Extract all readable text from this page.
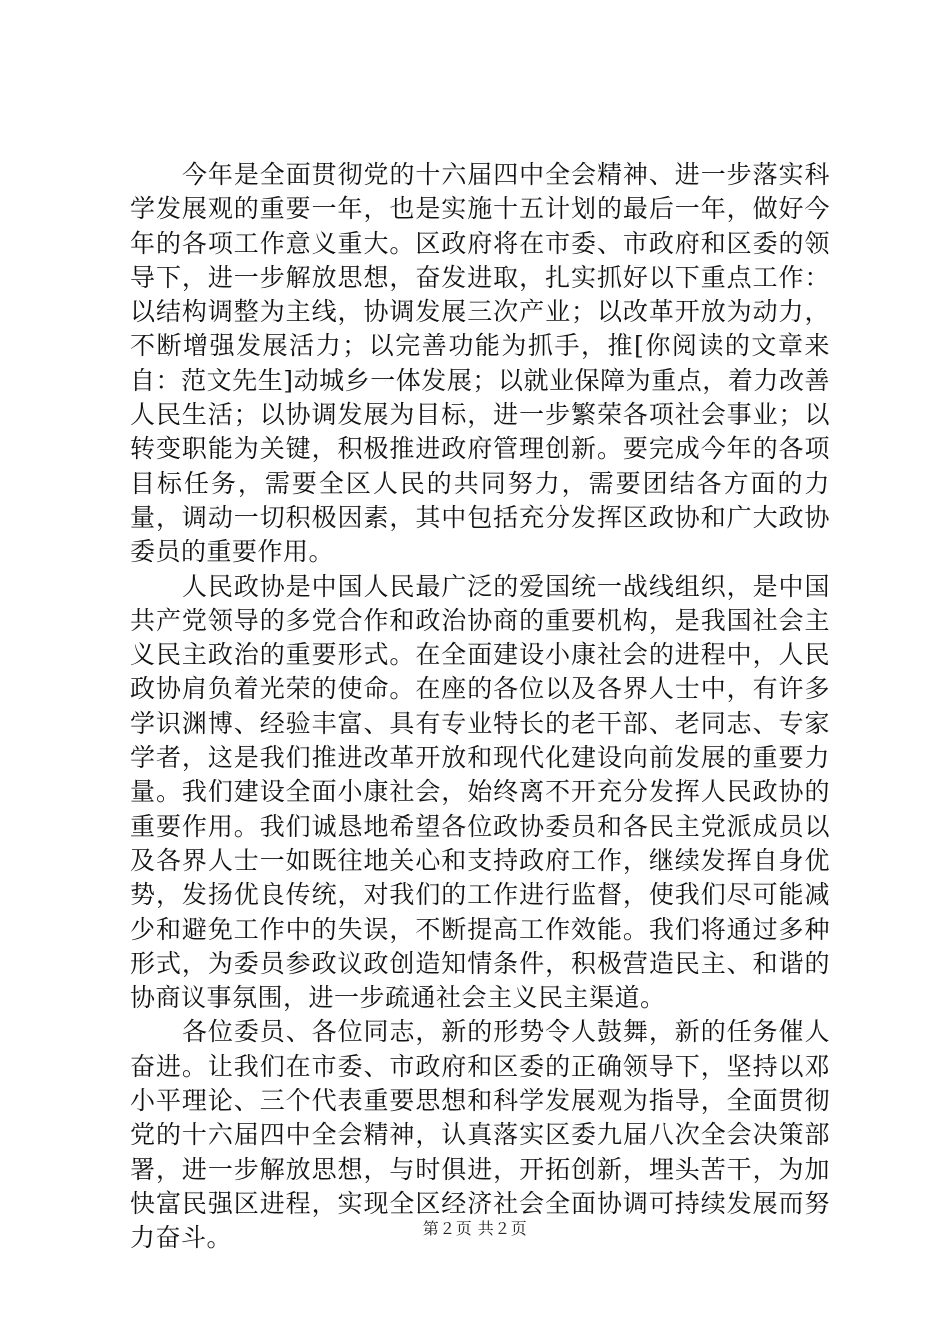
今年是全面贯彻党的十六届四中全会精神、进一步落实科学发展观的重要一年，也是实施十五计划的最后一年，做好今年的各项工作意义重大。区政府将在市委、市政府和区委的领导下，进一步解放思想，奋发进取，扎实抓好以下重点工作：以结构调整为主线，协调发展三次产业；以改革开放为动力，不断增强发展活力；以完善功能为抓手，推[你阅读的文章来自：范文先生]动城乡一体发展；以就业保障为重点，着力改善人民生活；以协调发展为目标，进一步繁荣各项社会事业；以转变职能为关键，积极推进政府管理创新。要完成今年的各项目标任务，需要全区人民的共同努力，需要团结各方面的力量，调动一切积极因素，其中包括充分发挥区政协和广大政协委员的重要作用。

人民政协是中国人民最广泛的爱国统一战线组织，是中国共产党领导的多党合作和政治协商的重要机构，是我国社会主义民主政治的重要形式。在全面建设小康社会的进程中，人民政协肩负着光荣的使命。在座的各位以及各界人士中，有许多学识渊博、经验丰富、具有专业特长的老干部、老同志、专家学者，这是我们推进改革开放和现代化建设向前发展的重要力量。我们建设全面小康社会，始终离不开充分发挥人民政协的重要作用。我们诚恳地希望各位政协委员和各民主党派成员以及各界人士一如既往地关心和支持政府工作，继续发挥自身优势，发扬优良传统，对我们的工作进行监督，使我们尽可能减少和避免工作中的失误，不断提高工作效能。我们将通过多种形式，为委员参政议政创造知情条件，积极营造民主、和谐的协商议事氛围，进一步疏通社会主义民主渠道。

各位委员、各位同志，新的形势令人鼓舞，新的任务催人奋进。让我们在市委、市政府和区委的正确领导下，坚持以邓小平理论、三个代表重要思想和科学发展观为指导，全面贯彻党的十六届四中全会精神，认真落实区委九届八次全会决策部署，进一步解放思想，与时俱进，开拓创新，埋头苦干，为加快富民强区进程，实现全区经济社会全面协调可持续发展而努力奋斗。	第２页 共２页
